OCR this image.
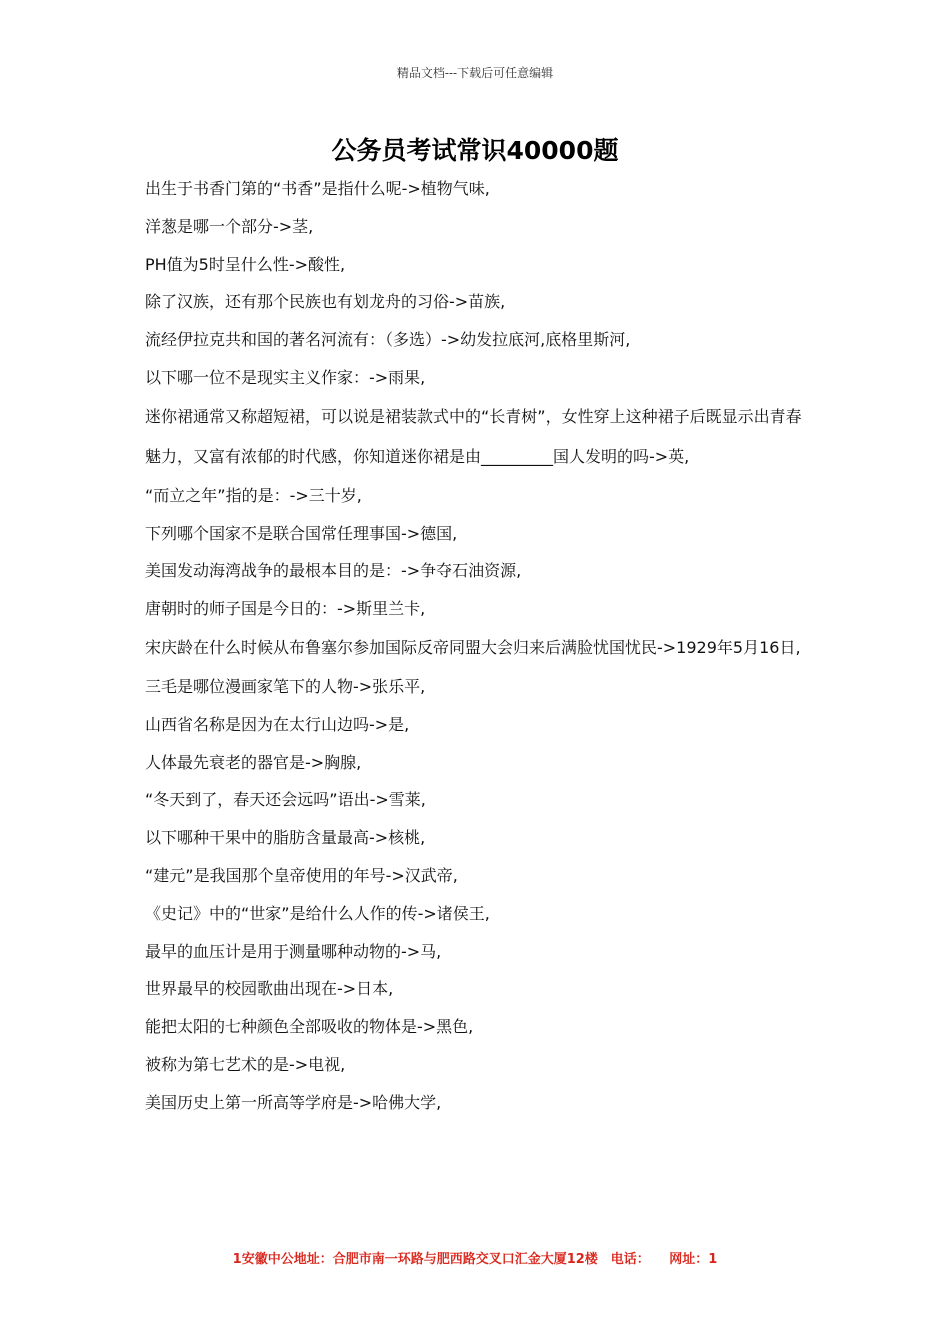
精品文档---下载后可任意编辑
公务员考试常识40000题
出生于书香门第的“书香”是指什么呢->植物气味,
洋葱是哪一个部分->茎,
PH值为5时呈什么性->酸性,
除了汉族，还有那个民族也有划龙舟的习俗->苗族,
流经伊拉克共和国的著名河流有：（多选）->幼发拉底河,底格里斯河,
以下哪一位不是现实主义作家：->雨果,
迷你裙通常又称超短裙，可以说是裙装款式中的“长青树”，女性穿上这种裙子后既显示出青春魅力，又富有浓郁的时代感，你知道迷你裙是由_________国人发明的吗->英,
“而立之年”指的是：->三十岁,
下列哪个国家不是联合国常任理事国->德国,
美国发动海湾战争的最根本目的是：->争夺石油资源,
唐朝时的师子国是今日的：->斯里兰卡,
宋庆龄在什么时候从布鲁塞尔参加国际反帝同盟大会归来后满脸忧国忧民->1929年5月16日,
三毛是哪位漫画家笔下的人物->张乐平,
山西省名称是因为在太行山边吗->是,
人体最先衰老的器官是->胸腺,
“冬天到了，春天还会远吗”语出->雪莱,
以下哪种干果中的脂肪含量最高->核桃,
“建元”是我国那个皇帝使用的年号->汉武帝,
《史记》中的“世家”是给什么人作的传->诸侯王,
最早的血压计是用于测量哪种动物的->马,
世界最早的校园歌曲出现在->日本,
能把太阳的七种颜色全部吸收的物体是->黑色,
被称为第七艺术的是->电视,
美国历史上第一所高等学府是->哈佛大学,
1安徽中公地址：合肥市南一环路与肥西路交叉口汇金大厦12楼　电话：　　网址：1
